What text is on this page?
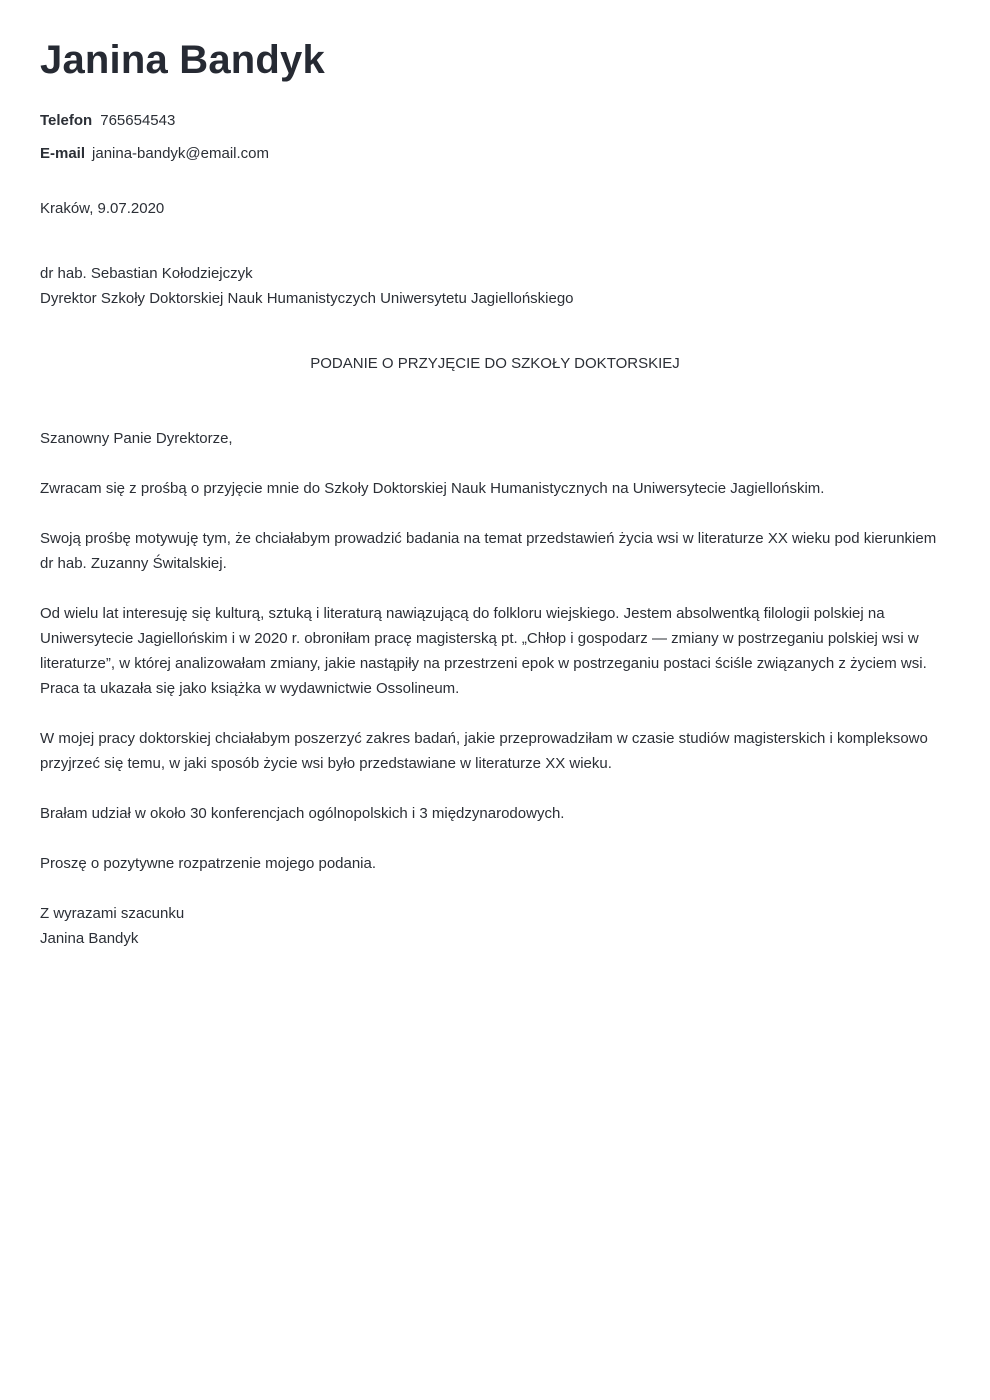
Janina Bandyk
Telefon 765654543
E-mail janina-bandyk@email.com
Kraków, 9.07.2020
dr hab. Sebastian Kołodziejczyk
Dyrektor Szkoły Doktorskiej Nauk Humanistyczych Uniwersytetu Jagiellońskiego
PODANIE O PRZYJĘCIE DO SZKOŁY DOKTORSKIEJ

Szanowny Panie Dyrektorze,

Zwracam się z prośbą o przyjęcie mnie do Szkoły Doktorskiej Nauk Humanistycznych na Uniwersytecie Jagiellońskim.

Swoją prośbę motywuję tym, że chciałabym prowadzić badania na temat przedstawień życia wsi w literaturze XX wieku pod kierunkiem dr hab. Zuzanny Świtalskiej.

Od wielu lat interesuję się kulturą, sztuką i literaturą nawiązującą do folkloru wiejskiego. Jestem absolwentką filologii polskiej na Uniwersytecie Jagiellońskim i w 2020 r. obroniłam pracę magisterską pt. „Chłop i gospodarz — zmiany w postrzeganiu polskiej wsi w literaturze”, w której analizowałam zmiany, jakie nastąpiły na przestrzeni epok w postrzeganiu postaci ściśle związanych z życiem wsi. Praca ta ukazała się jako książka w wydawnictwie Ossolineum.

W mojej pracy doktorskiej chciałabym poszerzyć zakres badań, jakie przeprowadziłam w czasie studiów magisterskich i kompleksowo przyjrzeć się temu, w jaki sposób życie wsi było przedstawiane w literaturze XX wieku.

Brałam udział w około 30 konferencjach ogólnopolskich i 3 międzynarodowych.

Proszę o pozytywne rozpatrzenie mojego podania.

Z wyrazami szacunku
Janina Bandyk
